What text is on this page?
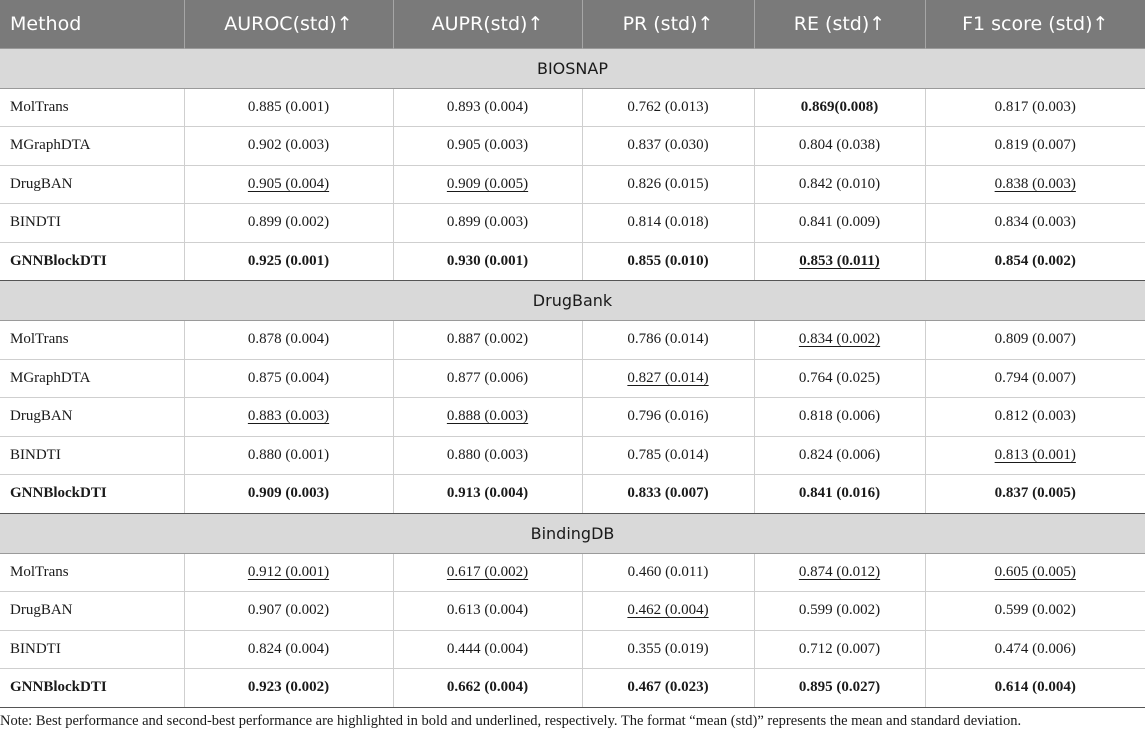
Method	AUROC(std)↑	AUPR(std)↑	PR (std)↑	RE (std)↑	F1 score (std)↑
BIOSNAP					
MolTrans	0.885 (0.001)	0.893 (0.004)	0.762 (0.013)	0.869(0.008)	0.817 (0.003)
MGraphDTA	0.902 (0.003)	0.905 (0.003)	0.837 (0.030)	0.804 (0.038)	0.819 (0.007)
DrugBAN	0.905 (0.004)	0.909 (0.005)	0.826 (0.015)	0.842 (0.010)	0.838 (0.003)
BINDTI	0.899 (0.002)	0.899 (0.003)	0.814 (0.018)	0.841 (0.009)	0.834 (0.003)
GNNBlockDTI	0.925 (0.001)	0.930 (0.001)	0.855 (0.010)	0.853 (0.011)	0.854 (0.002)
DrugBank					
MolTrans	0.878 (0.004)	0.887 (0.002)	0.786 (0.014)	0.834 (0.002)	0.809 (0.007)
MGraphDTA	0.875 (0.004)	0.877 (0.006)	0.827 (0.014)	0.764 (0.025)	0.794 (0.007)
DrugBAN	0.883 (0.003)	0.888 (0.003)	0.796 (0.016)	0.818 (0.006)	0.812 (0.003)
BINDTI	0.880 (0.001)	0.880 (0.003)	0.785 (0.014)	0.824 (0.006)	0.813 (0.001)
GNNBlockDTI	0.909 (0.003)	0.913 (0.004)	0.833 (0.007)	0.841 (0.016)	0.837 (0.005)
BindingDB					
MolTrans	0.912 (0.001)	0.617 (0.002)	0.460 (0.011)	0.874 (0.012)	0.605 (0.005)
DrugBAN	0.907 (0.002)	0.613 (0.004)	0.462 (0.004)	0.599 (0.002)	0.599 (0.002)
BINDTI	0.824 (0.004)	0.444 (0.004)	0.355 (0.019)	0.712 (0.007)	0.474 (0.006)
GNNBlockDTI	0.923 (0.002)	0.662 (0.004)	0.467 (0.023)	0.895 (0.027)	0.614 (0.004)
Note: Best performance and second-best performance are highlighted in bold and underlined, respectively. The format “mean (std)” represents the mean and standard deviation.
